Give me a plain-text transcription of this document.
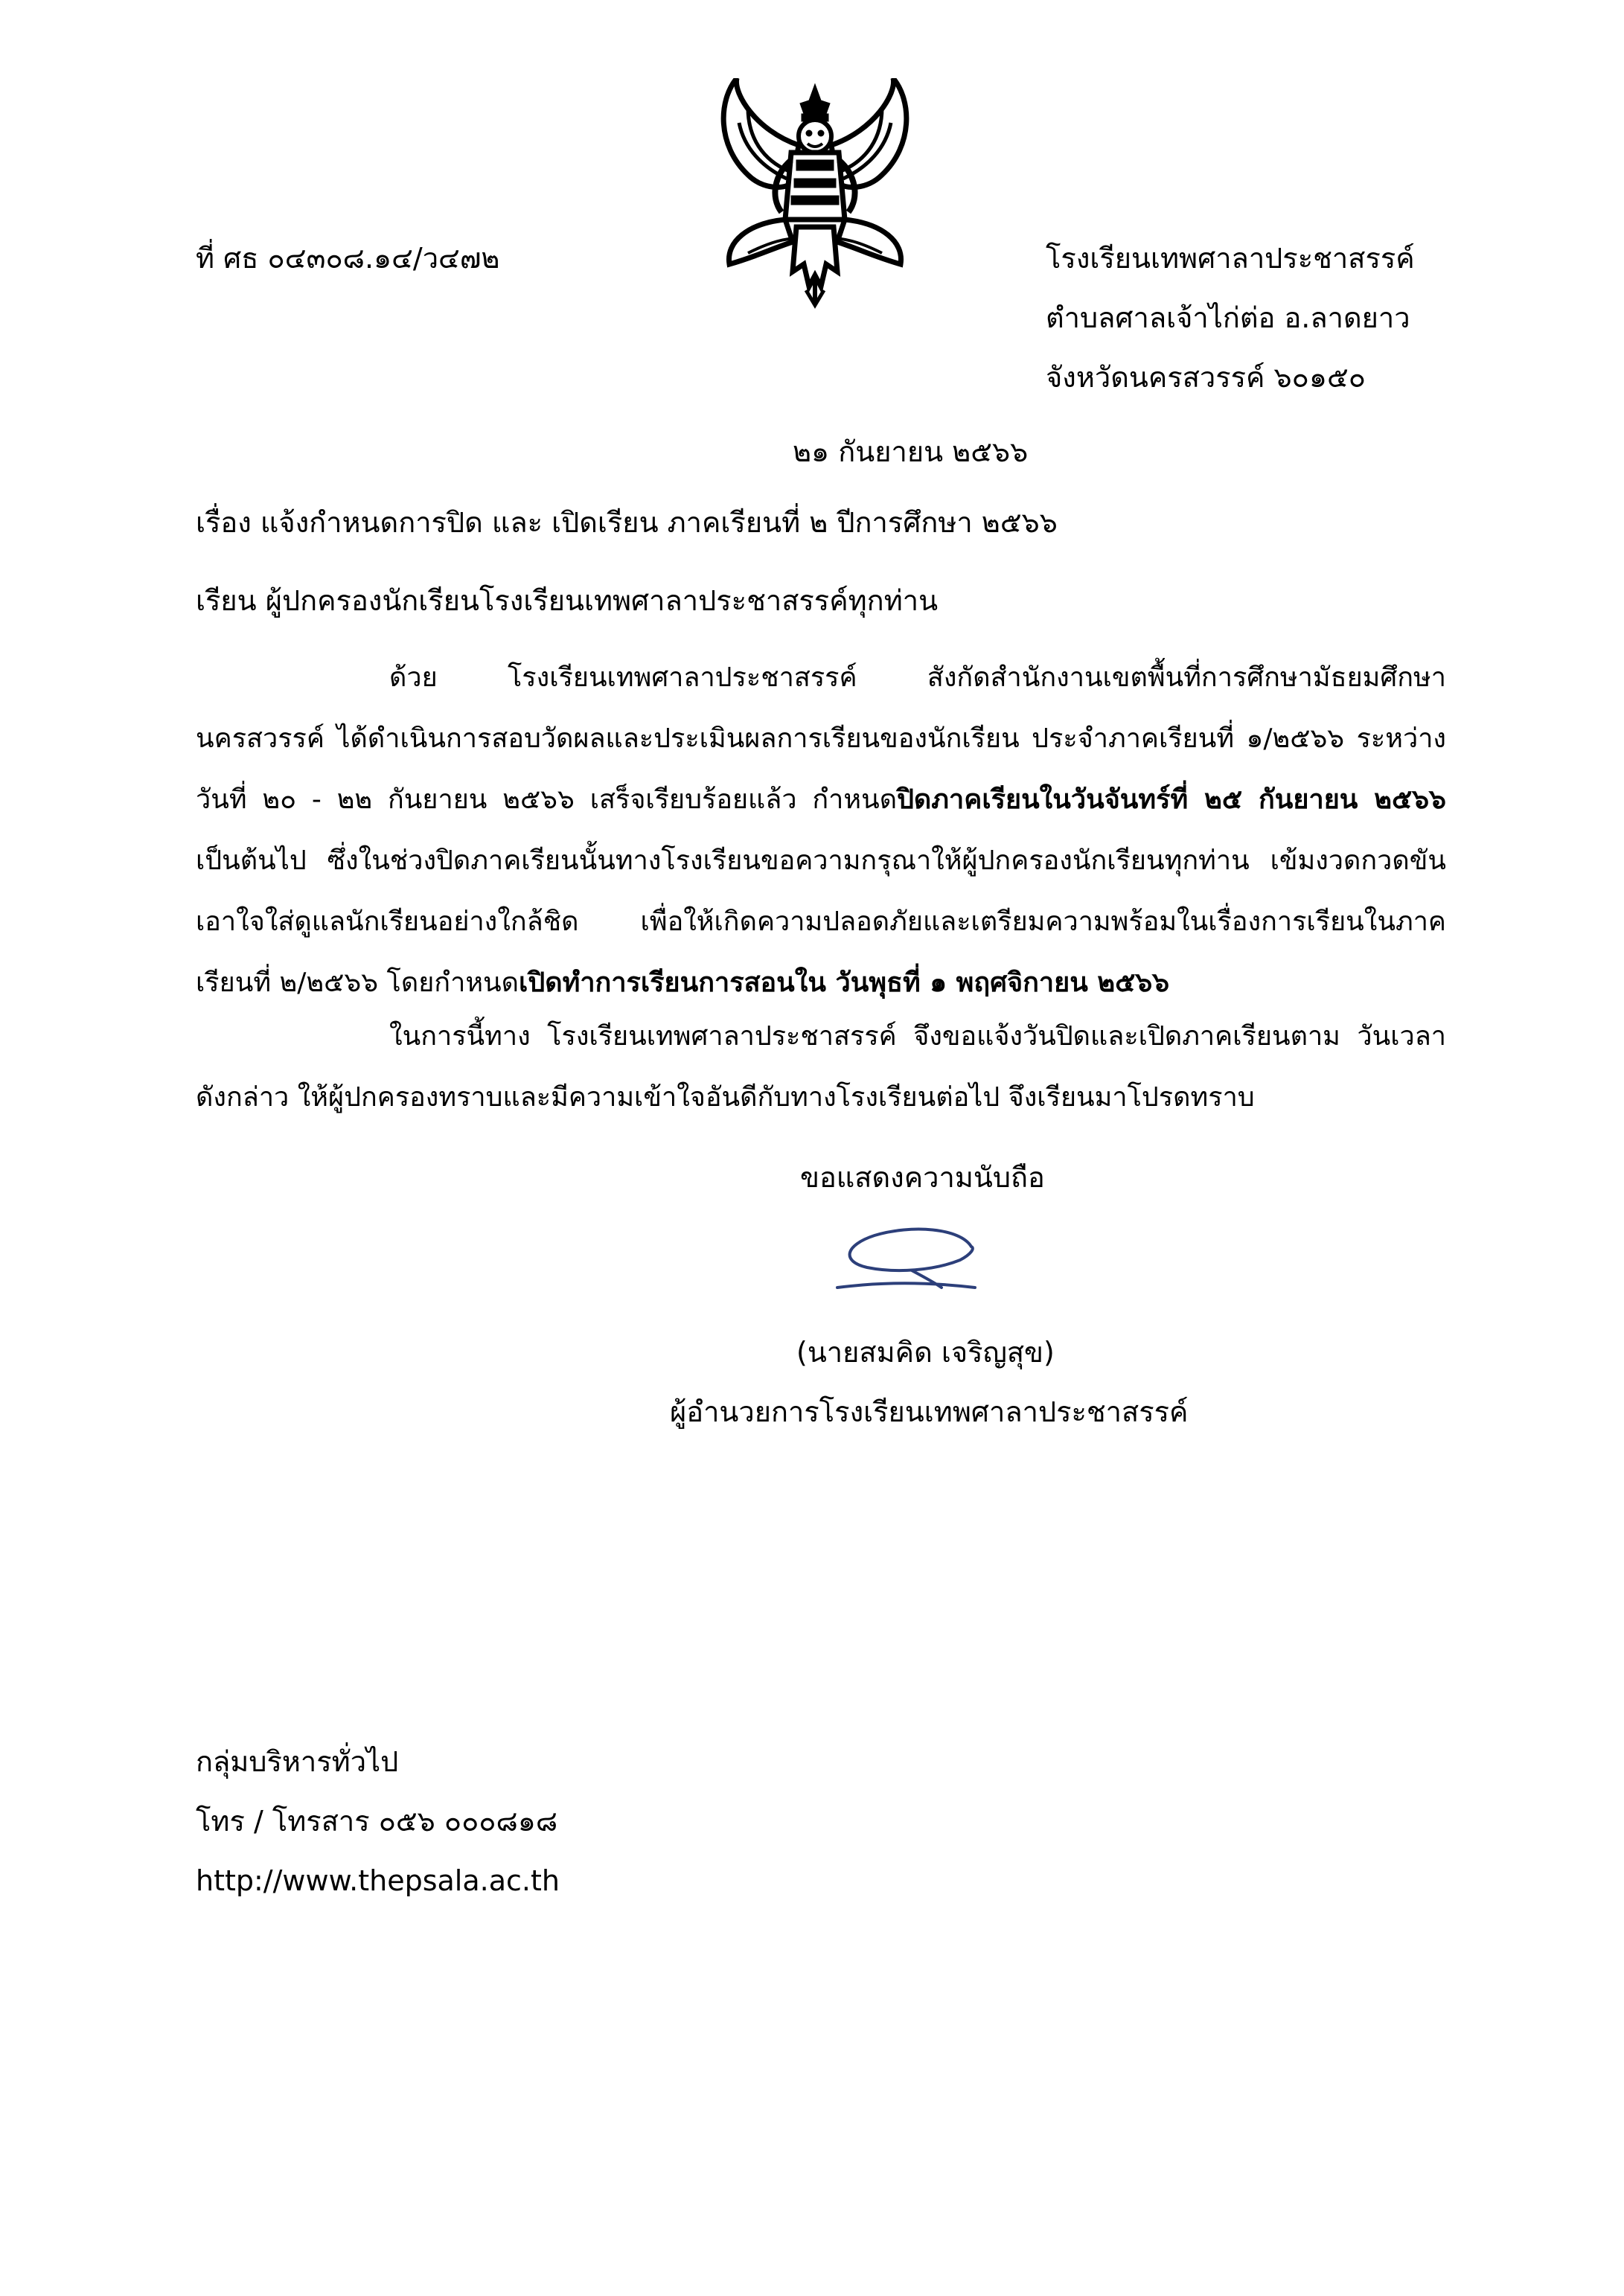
ที่ ศธ ๐๔๓๐๘.๑๔/ว๔๗๒	โรงเรียนเทพศาลาประชาสรรค์
ตำบลศาลเจ้าไก่ต่อ อ.ลาดยาว
จังหวัดนครสวรรค์ ๖๐๑๕๐
๒๑ กันยายน ๒๕๖๖
เรื่อง แจ้งกำหนดการปิด และ เปิดเรียน ภาคเรียนที่ ๒ ปีการศึกษา ๒๕๖๖
เรียน ผู้ปกครองนักเรียนโรงเรียนเทพศาลาประชาสรรค์ทุกท่าน
ด้วย โรงเรียนเทพศาลาประชาสรรค์ สังกัดสำนักงานเขตพื้นที่การศึกษามัธยมศึกษานครสวรรค์ ได้ดำเนินการสอบวัดผลและประเมินผลการเรียนของนักเรียน ประจำภาคเรียนที่ ๑/๒๕๖๖ ระหว่างวันที่ ๒๐ - ๒๒ กันยายน ๒๕๖๖ เสร็จเรียบร้อยแล้ว กำหนดปิดภาคเรียนในวันจันทร์ที่ ๒๕ กันยายน ๒๕๖๖ เป็นต้นไป ซึ่งในช่วงปิดภาคเรียนนั้นทางโรงเรียนขอความกรุณาให้ผู้ปกครองนักเรียนทุกท่าน เข้มงวดกวดขัน เอาใจใส่ดูแลนักเรียนอย่างใกล้ชิด เพื่อให้เกิดความปลอดภัยและเตรียมความพร้อมในเรื่องการเรียนในภาคเรียนที่ ๒/๒๕๖๖ โดยกำหนดเปิดทำการเรียนการสอนใน วันพุธที่ ๑ พฤศจิกายน ๒๕๖๖
ในการนี้ทาง โรงเรียนเทพศาลาประชาสรรค์ จึงขอแจ้งวันปิดและเปิดภาคเรียนตาม วันเวลาดังกล่าว ให้ผู้ปกครองทราบและมีความเข้าใจอันดีกับทางโรงเรียนต่อไป จึงเรียนมาโปรดทราบ
ขอแสดงความนับถือ
(นายสมคิด เจริญสุข)
ผู้อำนวยการโรงเรียนเทพศาลาประชาสรรค์
กลุ่มบริหารทั่วไป
โทร / โทรสาร ๐๕๖ ๐๐๐๘๑๘
http://www.thepsala.ac.th
